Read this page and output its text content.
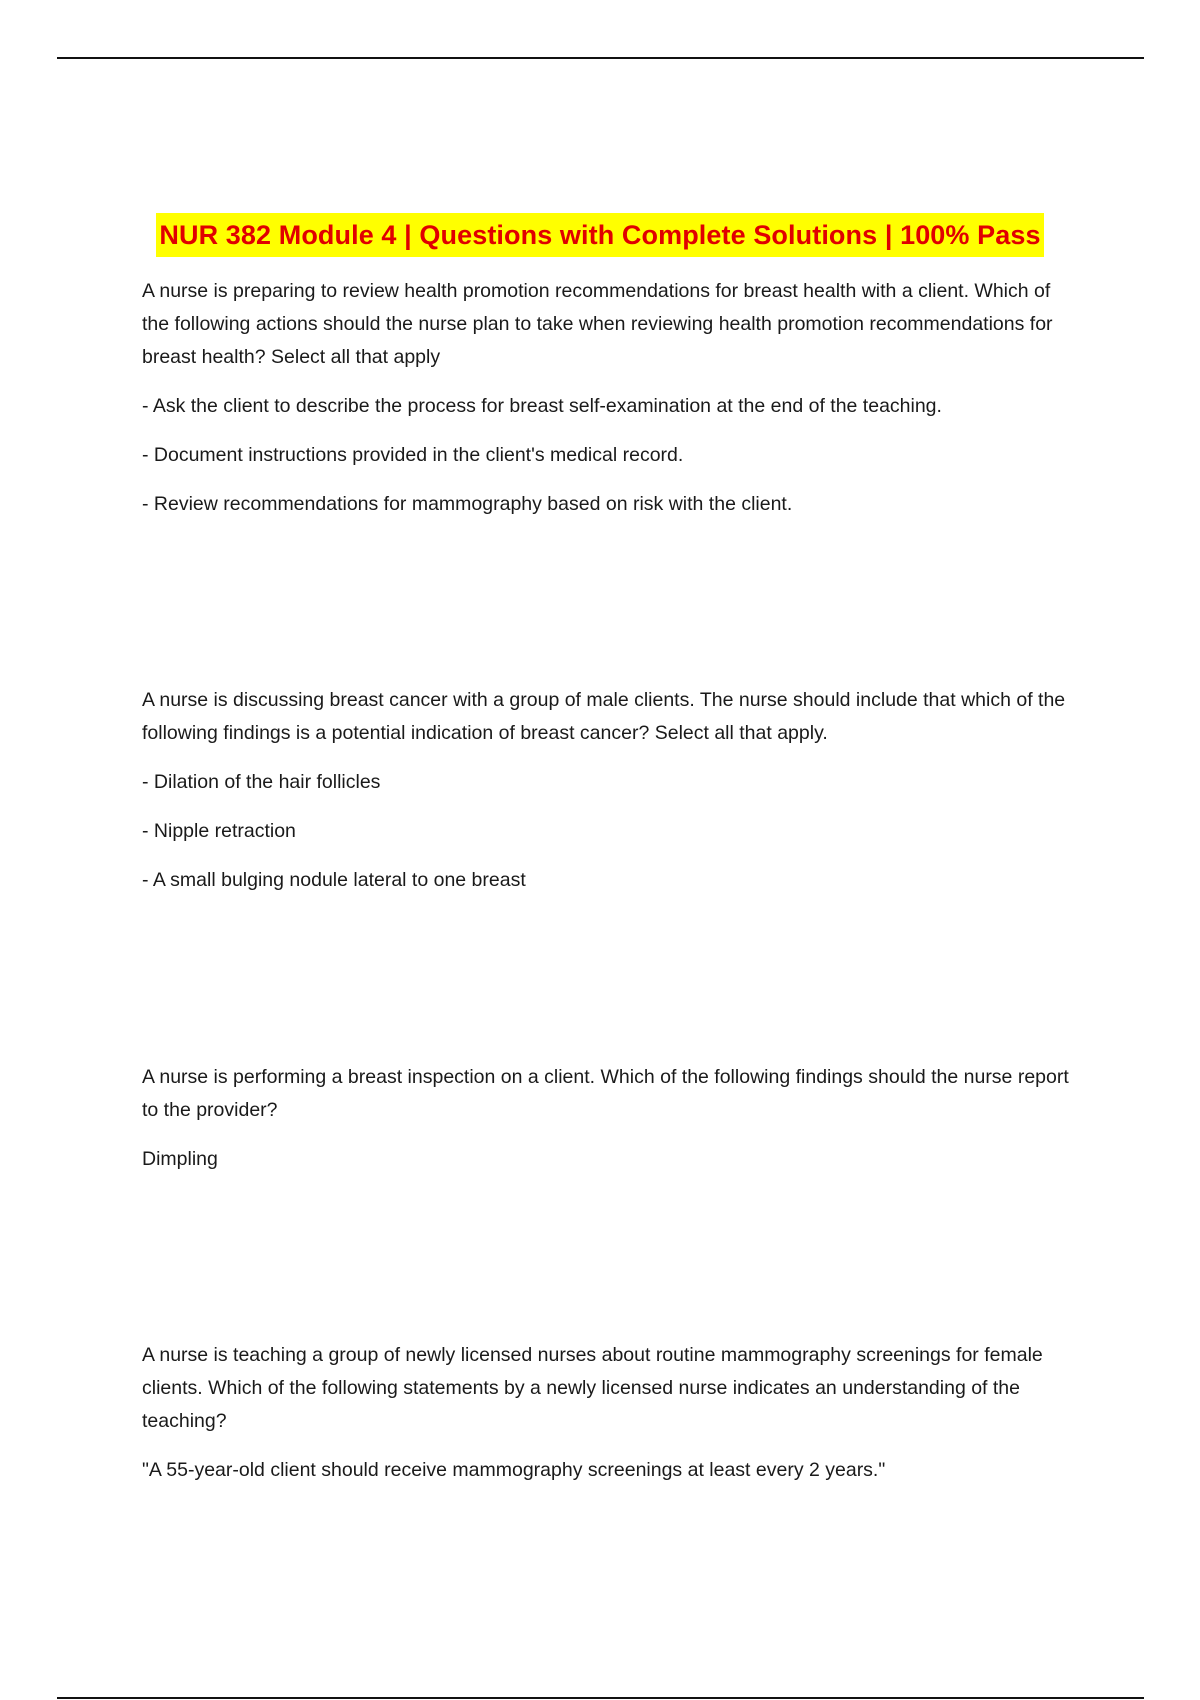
NUR 382 Module 4 | Questions with Complete Solutions | 100% Pass

A nurse is preparing to review health promotion recommendations for breast health with a client. Which of the following actions should the nurse plan to take when reviewing health promotion recommendations for breast health? Select all that apply

- Ask the client to describe the process for breast self-examination at the end of the teaching.

- Document instructions provided in the client's medical record.

- Review recommendations for mammography based on risk with the client.

A nurse is discussing breast cancer with a group of male clients. The nurse should include that which of the following findings is a potential indication of breast cancer? Select all that apply.

- Dilation of the hair follicles

- Nipple retraction

- A small bulging nodule lateral to one breast

A nurse is performing a breast inspection on a client. Which of the following findings should the nurse report to the provider?

Dimpling

A nurse is teaching a group of newly licensed nurses about routine mammography screenings for female clients. Which of the following statements by a newly licensed nurse indicates an understanding of the teaching?

"A 55-year-old client should receive mammography screenings at least every 2 years."
